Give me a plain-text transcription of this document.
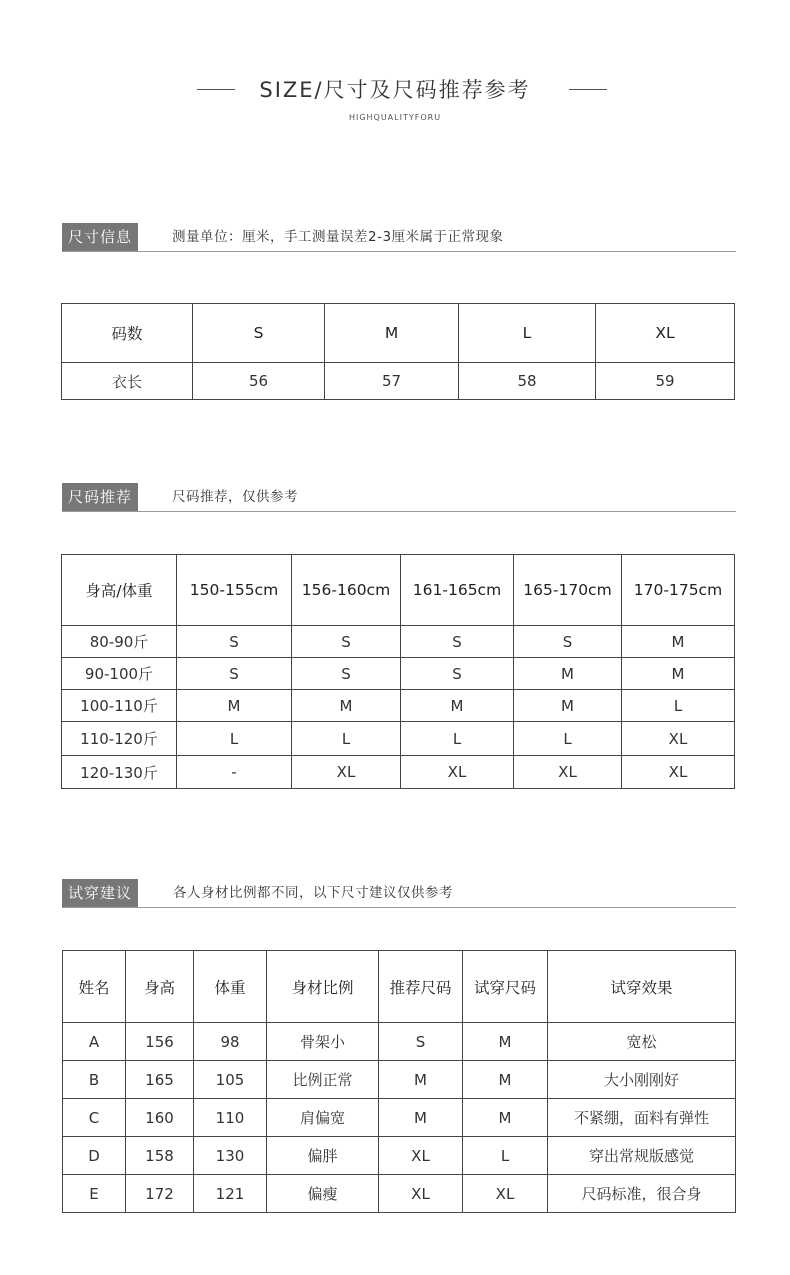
SIZE/尺寸及尺码推荐参考
HIGHQUALITYFORU
尺寸信息	测量单位：厘米，手工测量误差2-3厘米属于正常现象
码数	S	M	L	XL
衣长	56	57	58	59
尺码推荐	尺码推荐，仅供参考
身高/体重	150-155cm	156-160cm	161-165cm	165-170cm	170-175cm
80-90斤	S	S	S	S	M
90-100斤	S	S	S	M	M
100-110斤	M	M	M	M	L
110-120斤	L	L	L	L	XL
120-130斤	-	XL	XL	XL	XL
试穿建议	各人身材比例都不同，以下尺寸建议仅供参考
姓名	身高	体重	身材比例	推荐尺码	试穿尺码	试穿效果
A	156	98	骨架小	S	M	宽松
B	165	105	比例正常	M	M	大小刚刚好
C	160	110	肩偏宽	M	M	不紧绷，面料有弹性
D	158	130	偏胖	XL	L	穿出常规版感觉
E	172	121	偏瘦	XL	XL	尺码标准，很合身
